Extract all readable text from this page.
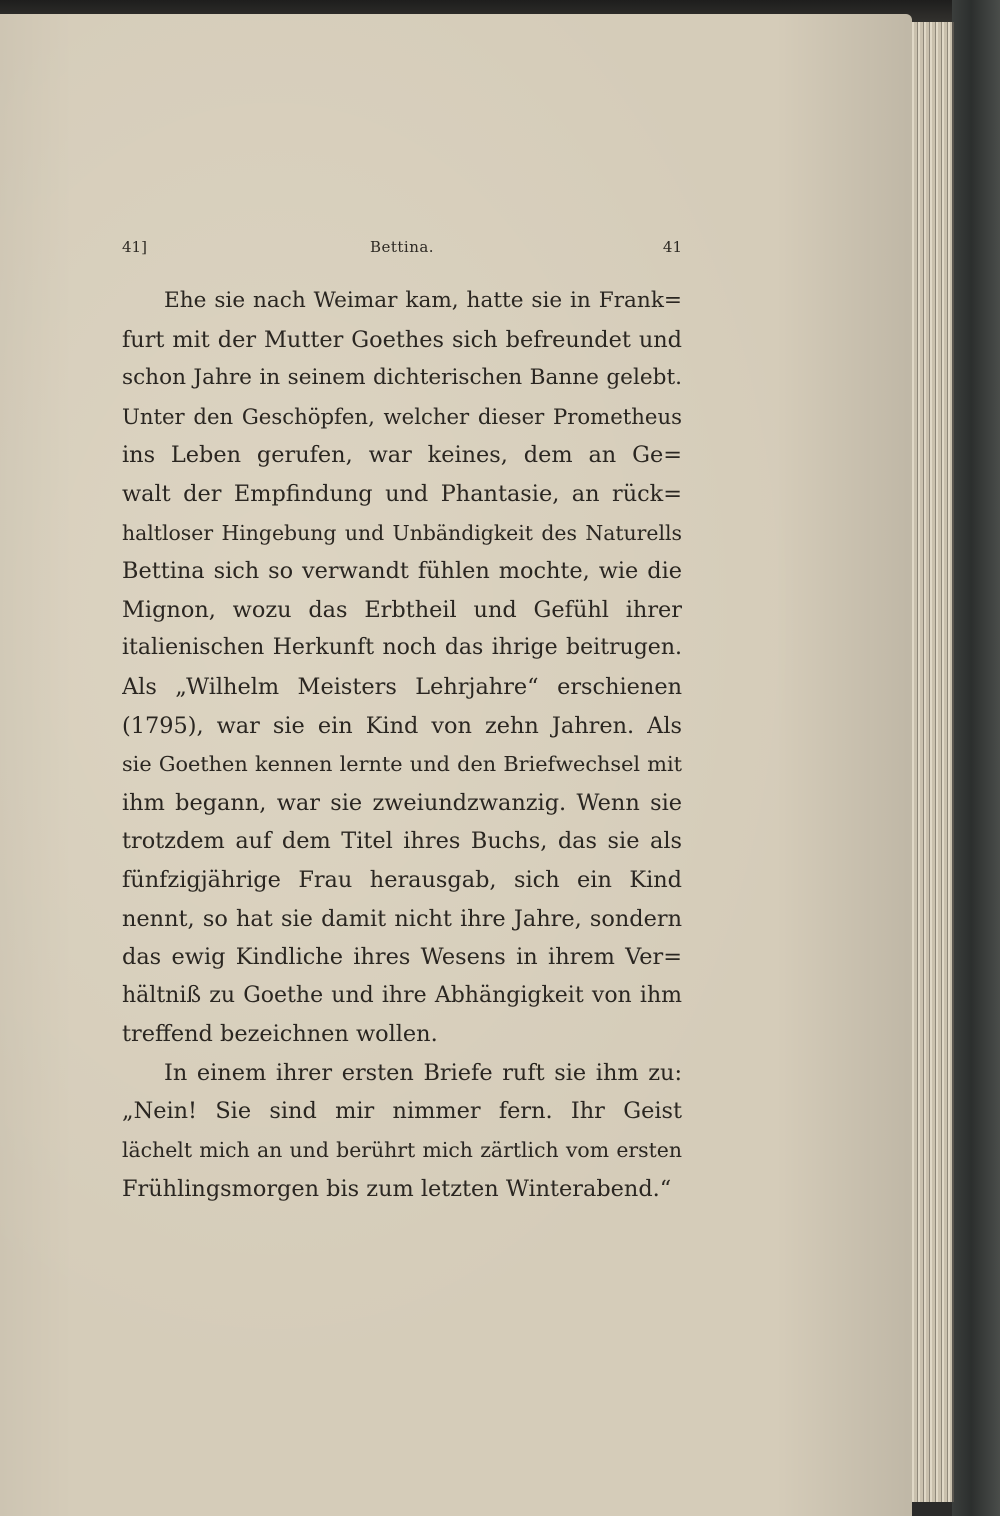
41]	Bettina.	41
Ehe sie nach Weimar kam, hatte sie in Frank=
furt mit der Mutter Goethes sich befreundet und
schon Jahre in seinem dichterischen Banne gelebt.
Unter den Geschöpfen, welcher dieser Prometheus
ins Leben gerufen, war keines, dem an Ge=
walt der Empfindung und Phantasie, an rück=
haltloser Hingebung und Unbändigkeit des Naturells
Bettina sich so verwandt fühlen mochte, wie die
Mignon, wozu das Erbtheil und Gefühl ihrer
italienischen Herkunft noch das ihrige beitrugen.
Als „Wilhelm Meisters Lehrjahre“ erschienen
(1795), war sie ein Kind von zehn Jahren. Als
sie Goethen kennen lernte und den Briefwechsel mit
ihm begann, war sie zweiundzwanzig. Wenn sie
trotzdem auf dem Titel ihres Buchs, das sie als
fünfzigjährige Frau herausgab, sich ein Kind
nennt, so hat sie damit nicht ihre Jahre, sondern
das ewig Kindliche ihres Wesens in ihrem Ver=
hältniß zu Goethe und ihre Abhängigkeit von ihm
treffend bezeichnen wollen.
In einem ihrer ersten Briefe ruft sie ihm zu:
„Nein! Sie sind mir nimmer fern. Ihr Geist
lächelt mich an und berührt mich zärtlich vom ersten
Frühlingsmorgen bis zum letzten Winterabend.“
